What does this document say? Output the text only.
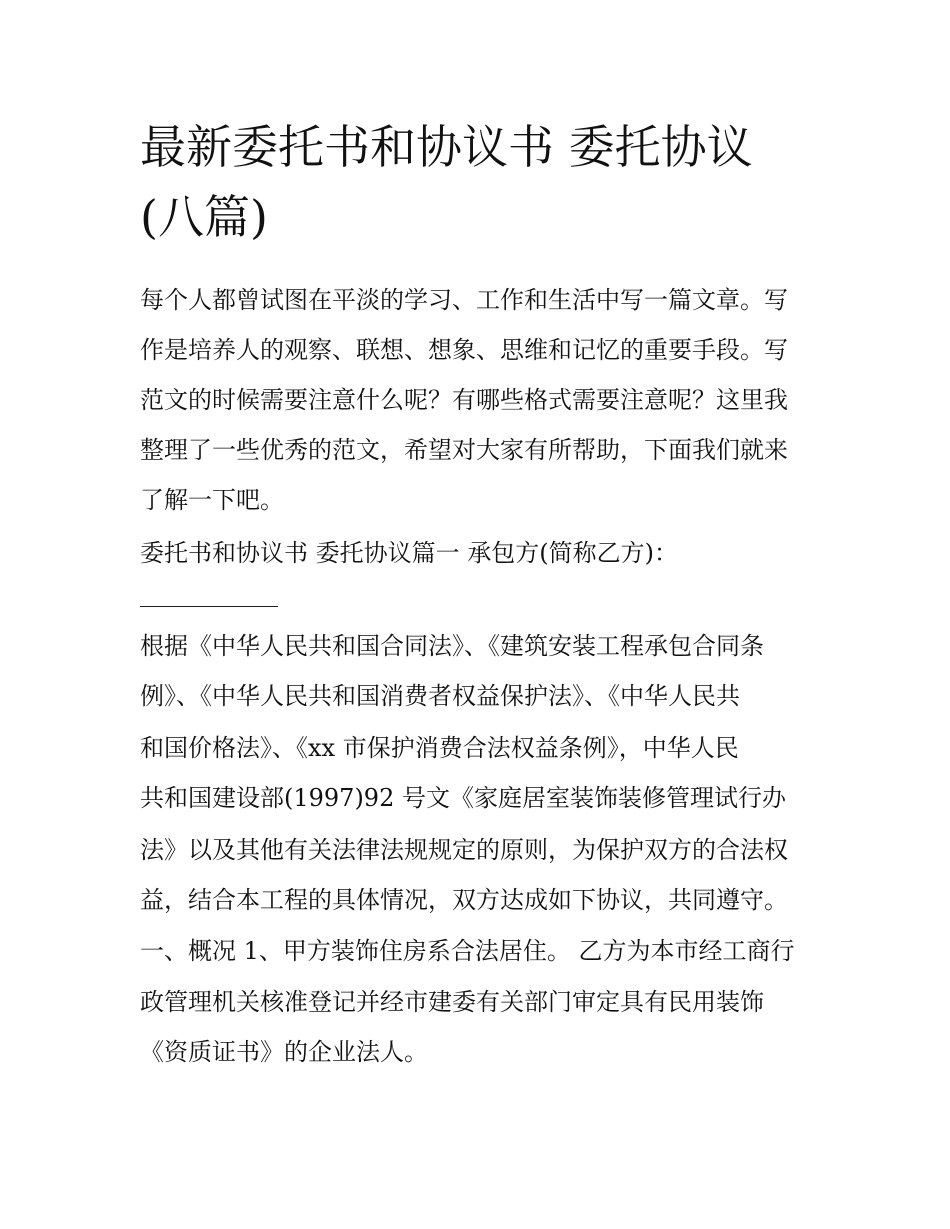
最新委托书和协议书 委托协议
(八篇)

每个人都曾试图在平淡的学习、工作和生活中写一篇文章。写

作是培养人的观察、联想、想象、思维和记忆的重要手段。写

范文的时候需要注意什么呢？有哪些格式需要注意呢？这里我

整理了一些优秀的范文，希望对大家有所帮助，下面我们就来

了解一下吧。

委托书和协议书 委托协议篇一 承包方(简称乙方)：

根据《中华人民共和国合同法》、《建筑安装工程承包合同条

例》、《中华人民共和国消费者权益保护法》、《中华人民共

和国价格法》、《xx 市保护消费合法权益条例》，中华人民

共和国建设部(1997)92 号文《家庭居室装饰装修管理试行办

法》以及其他有关法律法规规定的原则，为保护双方的合法权

益，结合本工程的具体情况，双方达成如下协议，共同遵守。

一、概况 1、甲方装饰住房系合法居住。 乙方为本市经工商行

政管理机关核准登记并经市建委有关部门审定具有民用装饰

《资质证书》的企业法人。
